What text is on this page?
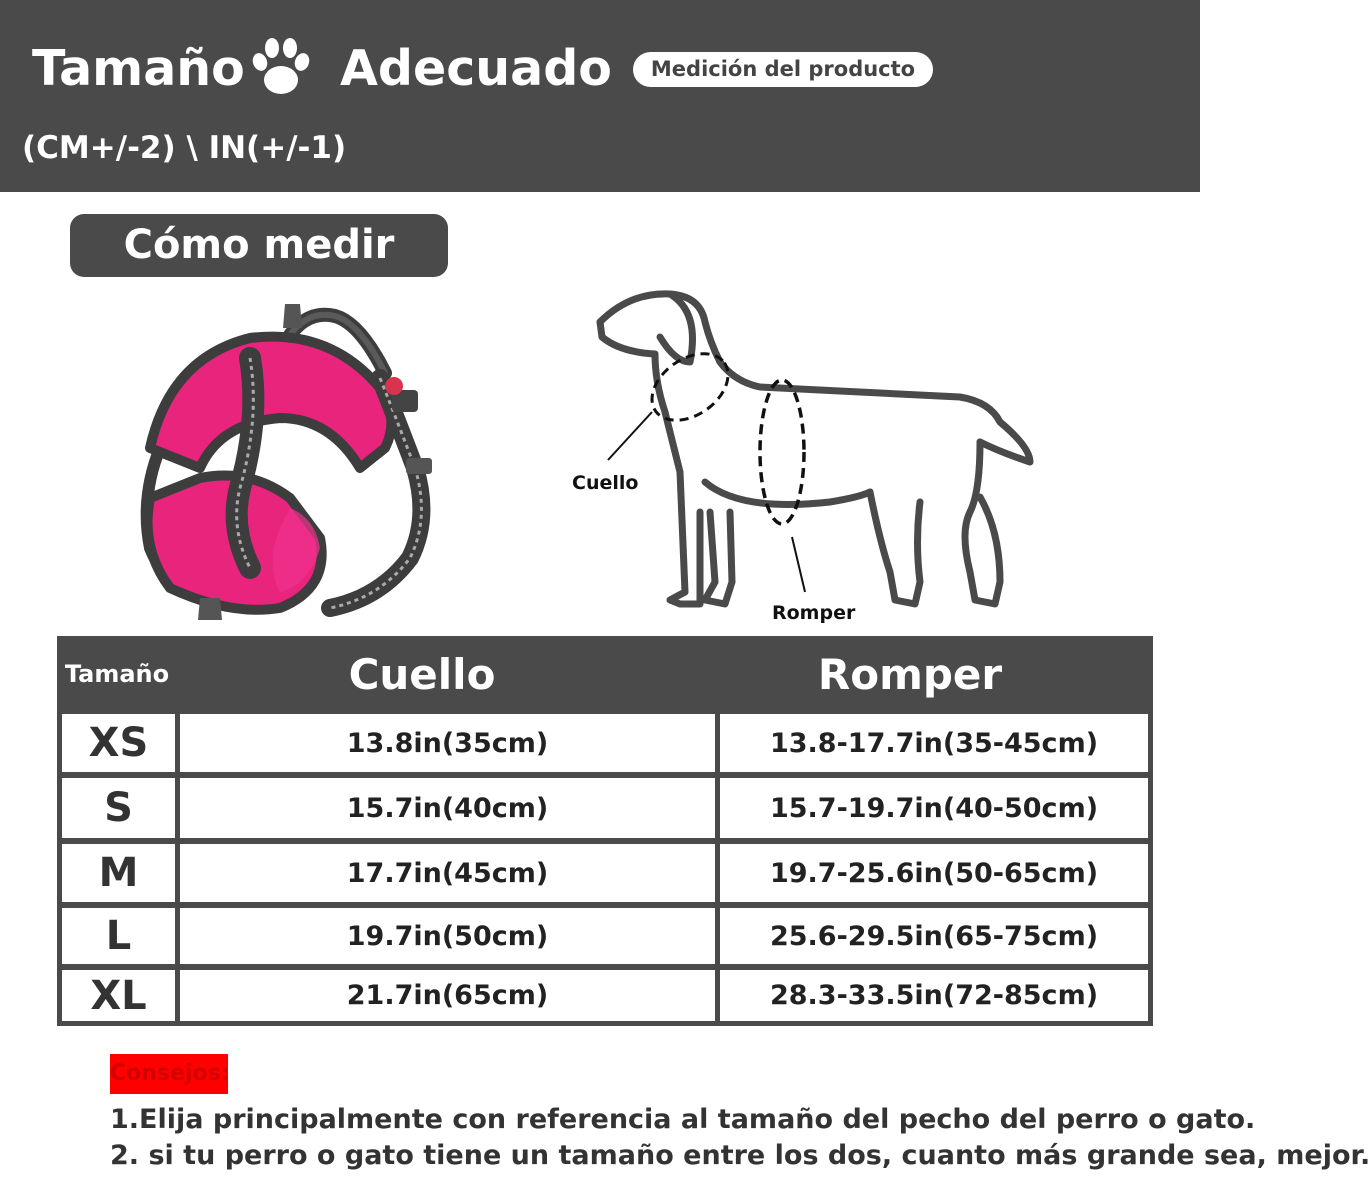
Tamaño Adecuado	Medición del producto
(CM+/-2) \ IN(+/-1)
Cómo medir
Cuello
Romper
Tamaño	Cuello	Romper
XS	13.8in(35cm)	13.8-17.7in(35-45cm)
S	15.7in(40cm)	15.7-19.7in(40-50cm)
M	17.7in(45cm)	19.7-25.6in(50-65cm)
L	19.7in(50cm)	25.6-29.5in(65-75cm)
XL	21.7in(65cm)	28.3-33.5in(72-85cm)
Consejos:
1.Elija principalmente con referencia al tamaño del pecho del perro o gato.
2. si tu perro o gato tiene un tamaño entre los dos, cuanto más grande sea, mejor.
